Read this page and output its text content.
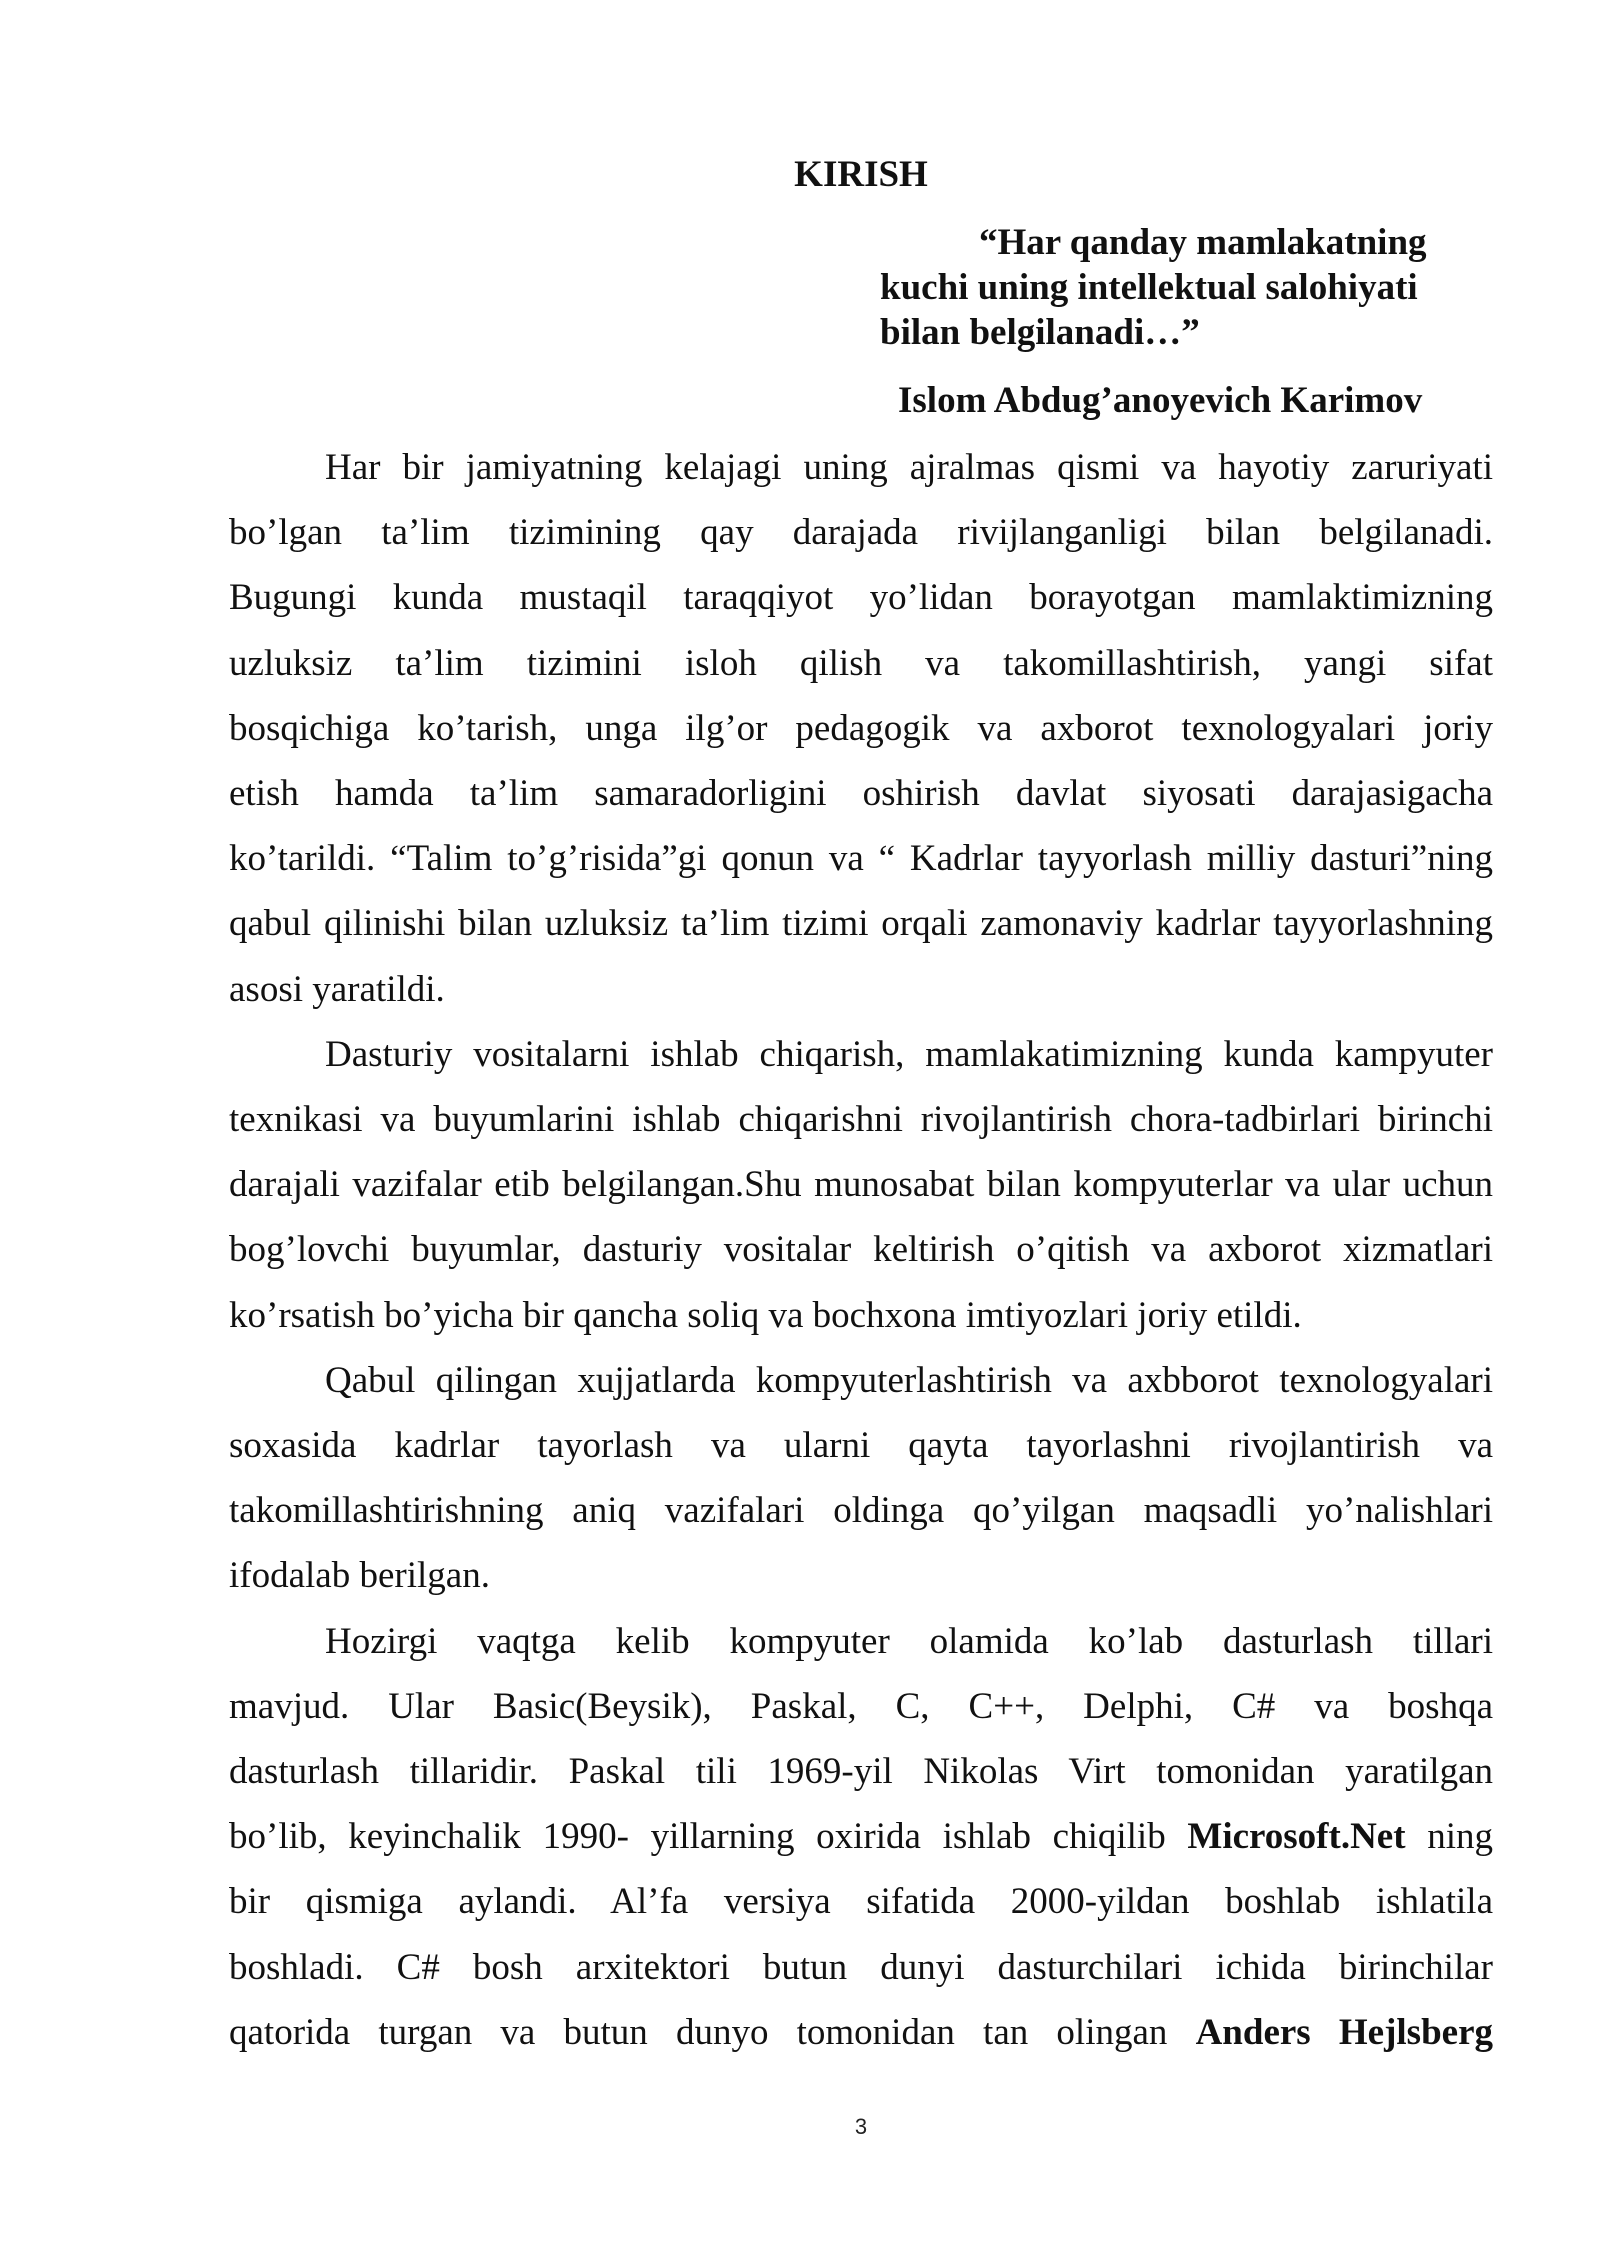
KIRISH
“Har qanday mamlakatning
kuchi uning intellektual salohiyati
bilan belgilanadi…”
Islom Abdug’anoyevich Karimov
Har bir jamiyatning kelajagi uning ajralmas qismi va hayotiy zaruriyati
bo’lgan ta’lim tizimining qay darajada rivijlanganligi bilan belgilanadi.
Bugungi kunda mustaqil taraqqiyot yo’lidan borayotgan mamlaktimizning
uzluksiz ta’lim tizimini isloh qilish va takomillashtirish, yangi sifat
bosqichiga ko’tarish, unga ilg’or pedagogik va axborot texnologyalari joriy
etish hamda ta’lim samaradorligini oshirish davlat siyosati darajasigacha
ko’tarildi. “Talim to’g’risida”gi qonun va “ Kadrlar tayyorlash milliy dasturi”ning
qabul qilinishi bilan uzluksiz ta’lim tizimi orqali zamonaviy kadrlar tayyorlashning
asosi yaratildi.
Dasturiy vositalarni ishlab chiqarish, mamlakatimizning kunda kampyuter
texnikasi va buyumlarini ishlab chiqarishni rivojlantirish chora-tadbirlari birinchi
darajali vazifalar etib belgilangan.Shu munosabat bilan kompyuterlar va ular uchun
bog’lovchi buyumlar, dasturiy vositalar keltirish o’qitish va axborot xizmatlari
ko’rsatish bo’yicha bir qancha soliq va bochxona imtiyozlari joriy etildi.
Qabul qilingan xujjatlarda kompyuterlashtirish va axbborot texnologyalari
soxasida kadrlar tayorlash va ularni qayta tayorlashni rivojlantirish va
takomillashtirishning aniq vazifalari oldinga qo’yilgan maqsadli yo’nalishlari
ifodalab berilgan.
Hozirgi vaqtga kelib kompyuter olamida ko’lab dasturlash tillari
mavjud. Ular Basic(Beysik), Paskal, C, C++, Delphi, C# va boshqa
dasturlash tillaridir. Paskal tili 1969-yil Nikolas Virt tomonidan yaratilgan
bo’lib, keyinchalik 1990- yillarning oxirida ishlab chiqilib Microsoft.Net ning
bir qismiga aylandi. Al’fa versiya sifatida 2000-yildan boshlab ishlatila
boshladi. C# bosh arxitektori butun dunyi dasturchilari ichida birinchilar
qatorida turgan va butun dunyo tomonidan tan olingan Anders Hejlsberg
3
